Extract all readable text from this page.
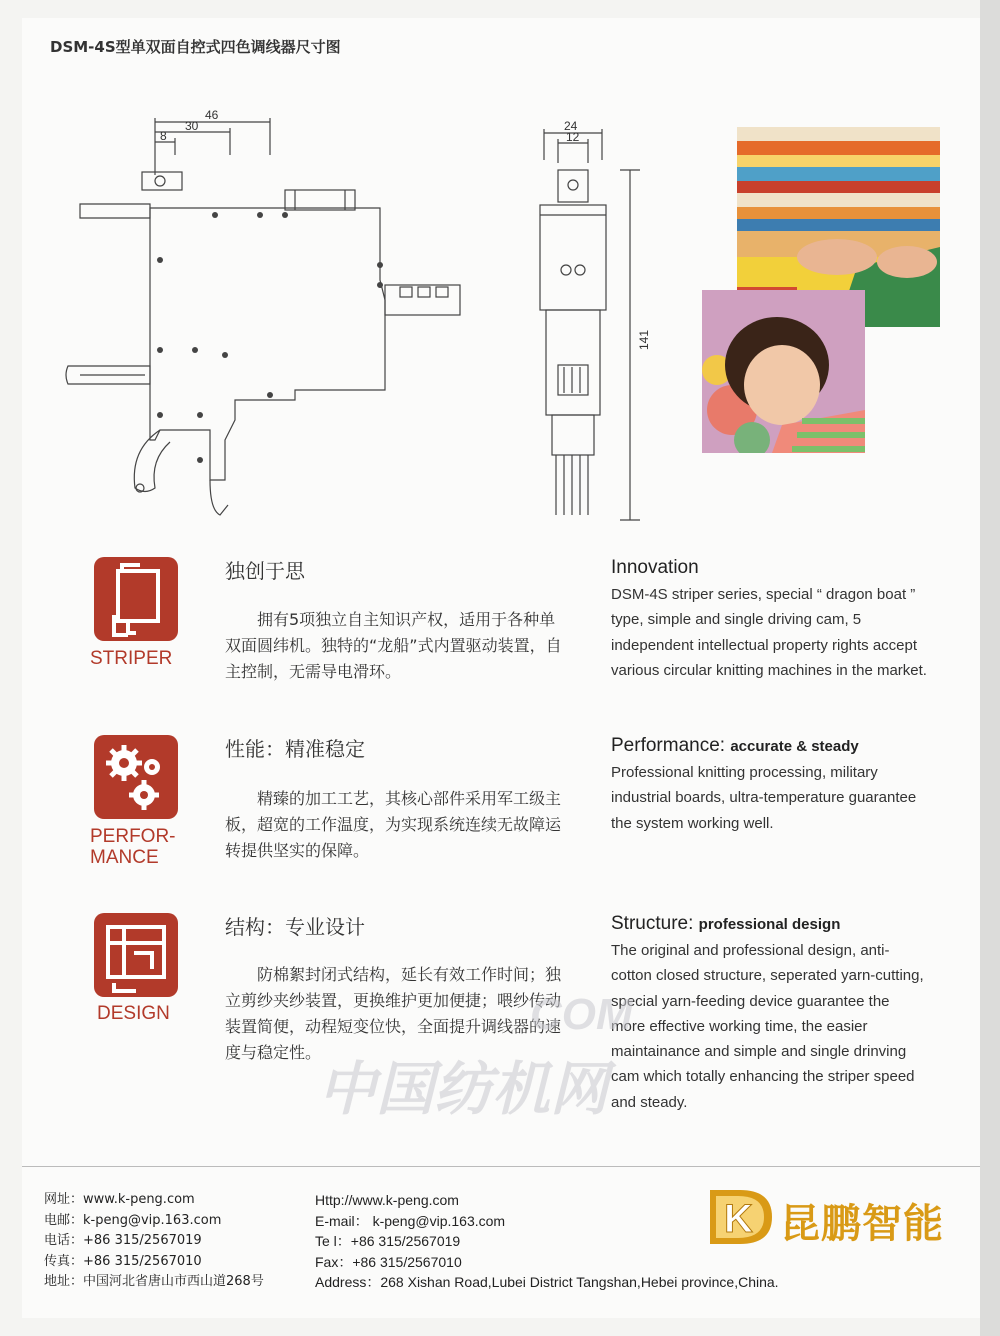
DSM-4S型单双面自控式四色调线器尺寸图
46
30
8
24
12
141
STRIPER
独创于思
拥有5项独立自主知识产权，适用于各种单双面圆纬机。独特的“龙船”式内置驱动装置，自主控制，无需导电滑环。
Innovation
DSM-4S striper series, special “ dragon boat ” type, simple and single driving cam, 5 independent intellectual property rights accept various circular knitting machines in the market.
PERFOR-
MANCE
性能：精准稳定
精臻的加工工艺，其核心部件采用军工级主板，超宽的工作温度，为实现系统连续无故障运转提供坚实的保障。
Performance: accurate & steady
Professional knitting processing, military industrial boards, ultra-temperature guarantee the system working well.
DESIGN
结构：专业设计
防棉絮封闭式结构，延长有效工作时间；独立剪纱夹纱装置，更换维护更加便捷；喂纱传动装置简便，动程短变位快，全面提升调线器的速度与稳定性。
Structure: professional design
The original and professional design, anti-cotton closed structure, seperated yarn-cutting, special yarn-feeding device guarantee the more effective working time, the easier maintainance and simple and single drinving cam which totally enhancing the striper speed and steady.
COM
中国纺机网
网址：www.k-peng.com
电邮：k-peng@vip.163.com
电话：+86 315/2567019
传真：+86 315/2567010
地址：中国河北省唐山市西山道268号
Http://www.k-peng.com
E-mail： k-peng@vip.163.com
Te l：+86 315/2567019
Fax：+86 315/2567010
Address：268 Xishan Road,Lubei District Tangshan,Hebei province,China.
K 昆鹏智能
